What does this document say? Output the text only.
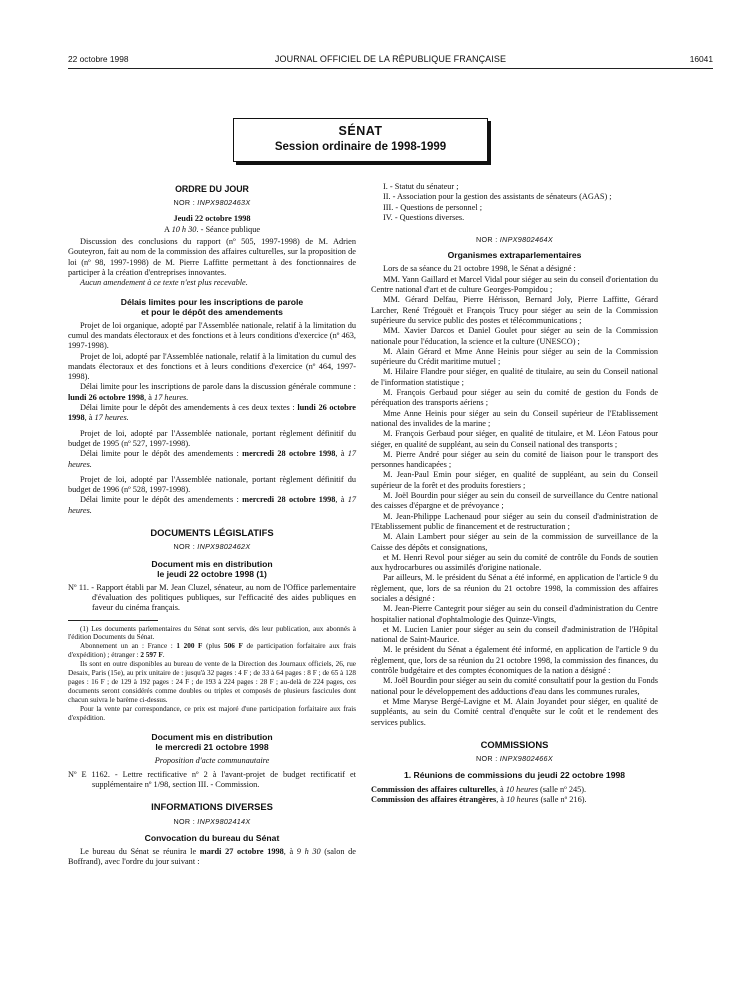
22 octobre 1998	JOURNAL OFFICIEL DE LA RÉPUBLIQUE FRANÇAISE	16041
SÉNAT
Session ordinaire de 1998-1999
ORDRE DU JOUR
NOR : INPX9802463X
Jeudi 22 octobre 1998
A 10 h 30. - Séance publique

Discussion des conclusions du rapport (nº 505, 1997-1998) de M. Adrien Gouteyron, fait au nom de la commission des affaires culturelles, sur la proposition de loi (nº 98, 1997-1998) de M. Pierre Laffitte permettant à des fonctionnaires de participer à la création d'entreprises innovantes.

Aucun amendement à ce texte n'est plus recevable.

Délais limites pour les inscriptions de parole
et pour le dépôt des amendements

Projet de loi organique, adopté par l'Assemblée nationale, relatif à la limitation du cumul des mandats électoraux et des fonctions et à leurs conditions d'exercice (nº 463, 1997-1998).

Projet de loi, adopté par l'Assemblée nationale, relatif à la limitation du cumul des mandats électoraux et des fonctions et à leurs conditions d'exercice (nº 464, 1997-1998).

Délai limite pour les inscriptions de parole dans la discussion générale commune : lundi 26 octobre 1998, à 17 heures.

Délai limite pour le dépôt des amendements à ces deux textes : lundi 26 octobre 1998, à 17 heures.

Projet de loi, adopté par l'Assemblée nationale, portant règlement définitif du budget de 1995 (nº 527, 1997-1998).

Délai limite pour le dépôt des amendements : mercredi 28 octobre 1998, à 17 heures.

Projet de loi, adopté par l'Assemblée nationale, portant règlement définitif du budget de 1996 (nº 528, 1997-1998).

Délai limite pour le dépôt des amendements : mercredi 28 octobre 1998, à 17 heures.

DOCUMENTS LÉGISLATIFS
NOR : INPX9802462X
Document mis en distribution
le jeudi 22 octobre 1998 (1)

Nº 11. - Rapport établi par M. Jean Cluzel, sénateur, au nom de l'Office parlementaire d'évaluation des politiques publiques, sur l'efficacité des aides publiques en faveur du cinéma français.

(1) Les documents parlementaires du Sénat sont servis, dès leur publication, aux abonnés à l'édition Documents du Sénat.

Abonnement un an : France : 1 200 F (plus 506 F de participation forfaitaire aux frais d'expédition) ; étranger : 2 597 F.

Ils sont en outre disponibles au bureau de vente de la Direction des Journaux officiels, 26, rue Desaix, Paris (15e), au prix unitaire de : jusqu'à 32 pages : 4 F ; de 33 à 64 pages : 8 F ; de 65 à 128 pages : 16 F ; de 129 à 192 pages : 24 F ; de 193 à 224 pages : 28 F ; au-delà de 224 pages, ces documents seront considérés comme doubles ou triples et composés de plusieurs fascicules dont chacun suivra le barème ci-dessus.

Pour la vente par correspondance, ce prix est majoré d'une participation forfaitaire aux frais d'expédition.

Document mis en distribution
le mercredi 21 octobre 1998
Proposition d'acte communautaire

Nº E 1162. - Lettre rectificative nº 2 à l'avant-projet de budget rectificatif et supplémentaire nº 1/98, section III. - Commission.

INFORMATIONS DIVERSES
NOR : INPX9802414X
Convocation du bureau du Sénat

Le bureau du Sénat se réunira le mardi 27 octobre 1998, à 9 h 30 (salon de Boffrand), avec l'ordre du jour suivant :

I. - Statut du sénateur ;

II. - Association pour la gestion des assistants de sénateurs (AGAS) ;

III. - Questions de personnel ;

IV. - Questions diverses.

NOR : INPX9802464X
Organismes extraparlementaires

Lors de sa séance du 21 octobre 1998, le Sénat a désigné :

MM. Yann Gaillard et Marcel Vidal pour siéger au sein du conseil d'orientation du Centre national d'art et de culture Georges-Pompidou ;

MM. Gérard Delfau, Pierre Hérisson, Bernard Joly, Pierre Laffitte, Gérard Larcher, René Trégouët et François Trucy pour siéger au sein de la Commission supérieure du service public des postes et télécommunications ;

MM. Xavier Darcos et Daniel Goulet pour siéger au sein de la Commission nationale pour l'éducation, la science et la culture (UNESCO) ;

M. Alain Gérard et Mme Anne Heinis pour siéger au sein de la Commission supérieure du Crédit maritime mutuel ;

M. Hilaire Flandre pour siéger, en qualité de titulaire, au sein du Conseil national de l'information statistique ;

M. François Gerbaud pour siéger au sein du comité de gestion du Fonds de péréquation des transports aériens ;

Mme Anne Heinis pour siéger au sein du Conseil supérieur de l'Etablissement national des invalides de la marine ;

M. François Gerbaud pour siéger, en qualité de titulaire, et M. Léon Fatous pour siéger, en qualité de suppléant, au sein du Conseil national des transports ;

M. Pierre André pour siéger au sein du comité de liaison pour le transport des personnes handicapées ;

M. Jean-Paul Emin pour siéger, en qualité de suppléant, au sein du Conseil supérieur de la forêt et des produits forestiers ;

M. Joël Bourdin pour siéger au sein du conseil de surveillance du Centre national des caisses d'épargne et de prévoyance ;

M. Jean-Philippe Lachenaud pour siéger au sein du conseil d'administration de l'Etablissement public de financement et de restructuration ;

M. Alain Lambert pour siéger au sein de la commission de surveillance de la Caisse des dépôts et consignations,

et M. Henri Revol pour siéger au sein du comité de contrôle du Fonds de soutien aux hydrocarbures ou assimilés d'origine nationale.

Par ailleurs, M. le président du Sénat a été informé, en application de l'article 9 du règlement, que, lors de sa réunion du 21 octobre 1998, la commission des affaires sociales a désigné :

M. Jean-Pierre Cantegrit pour siéger au sein du conseil d'administration du Centre hospitalier national d'ophtalmologie des Quinze-Vingts,

et M. Lucien Lanier pour siéger au sein du conseil d'administration de l'Hôpital national de Saint-Maurice.

M. le président du Sénat a également été informé, en application de l'article 9 du règlement, que, lors de sa réunion du 21 octobre 1998, la commission des finances, du contrôle budgétaire et des comptes économiques de la nation a désigné :

M. Joël Bourdin pour siéger au sein du comité consultatif pour la gestion du Fonds national pour le développement des adductions d'eau dans les communes rurales,

et Mme Maryse Bergé-Lavigne et M. Alain Joyandet pour siéger, en qualité de suppléants, au sein du Comité central d'enquête sur le coût et le rendement des services publics.

COMMISSIONS
NOR : INPX9802466X
1. Réunions de commissions du jeudi 22 octobre 1998

Commission des affaires culturelles, à 10 heures (salle nº 245).

Commission des affaires étrangères, à 10 heures (salle nº 216).
